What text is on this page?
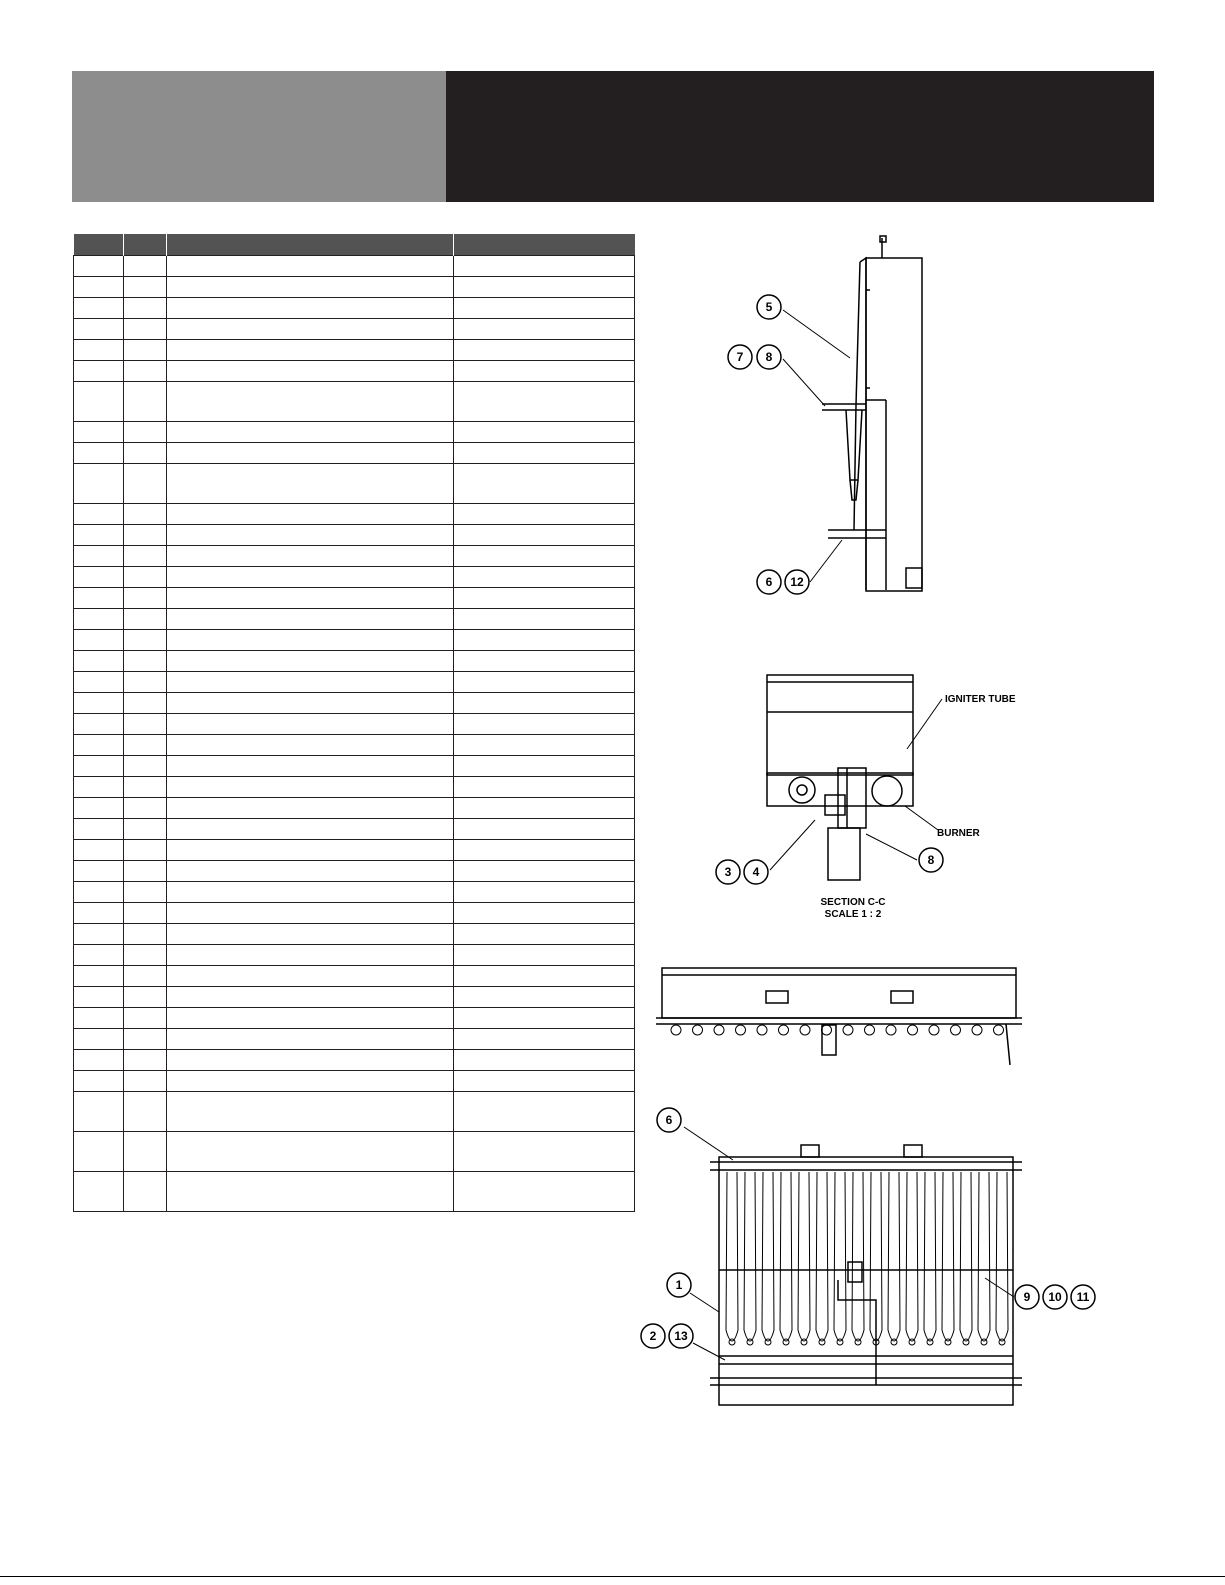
5
7 8
6 12
IGNITER TUBE
BURNER
SECTION C-C
SCALE 1 : 2
3 4
8
6
1
2 13
9 10 11
